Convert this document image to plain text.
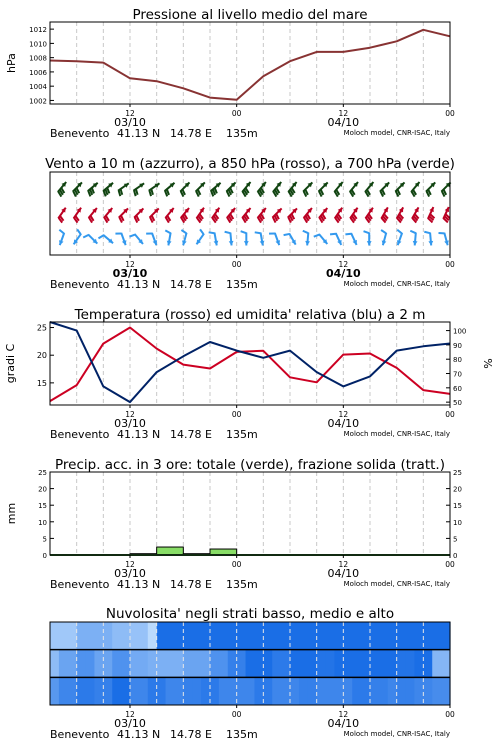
Pressione al livello medio del mare
1002
1004
1006
1008
1010
1012
hPa
12	00	12	00
03/10	04/10
Benevento 41.13 N 14.78 E 135m	Moloch model, CNR-ISAC, Italy
Vento a 10 m (azzurro), a 850 hPa (rosso), a 700 hPa (verde)
12	00	12	00
03/10	04/10
Benevento 41.13 N 14.78 E 135m	Moloch model, CNR-ISAC, Italy
Temperatura (rosso) ed umidita' relativa (blu) a 2 m
15
20
25
50
60
70
80
90
100
gradi C	%
12	00	12	00
03/10	04/10
Benevento 41.13 N 14.78 E 135m	Moloch model, CNR-ISAC, Italy
Precip. acc. in 3 ore: totale (verde), frazione solida (tratt.)
0
5
10
15
20
25
0
5
10
15
20
25
mm
12	00	12	00
03/10	04/10
Benevento 41.13 N 14.78 E 135m	Moloch model, CNR-ISAC, Italy
Nuvolosita' negli strati basso, medio e alto
12	00	12	00
03/10	04/10
Benevento 41.13 N 14.78 E 135m	Moloch model, CNR-ISAC, Italy
